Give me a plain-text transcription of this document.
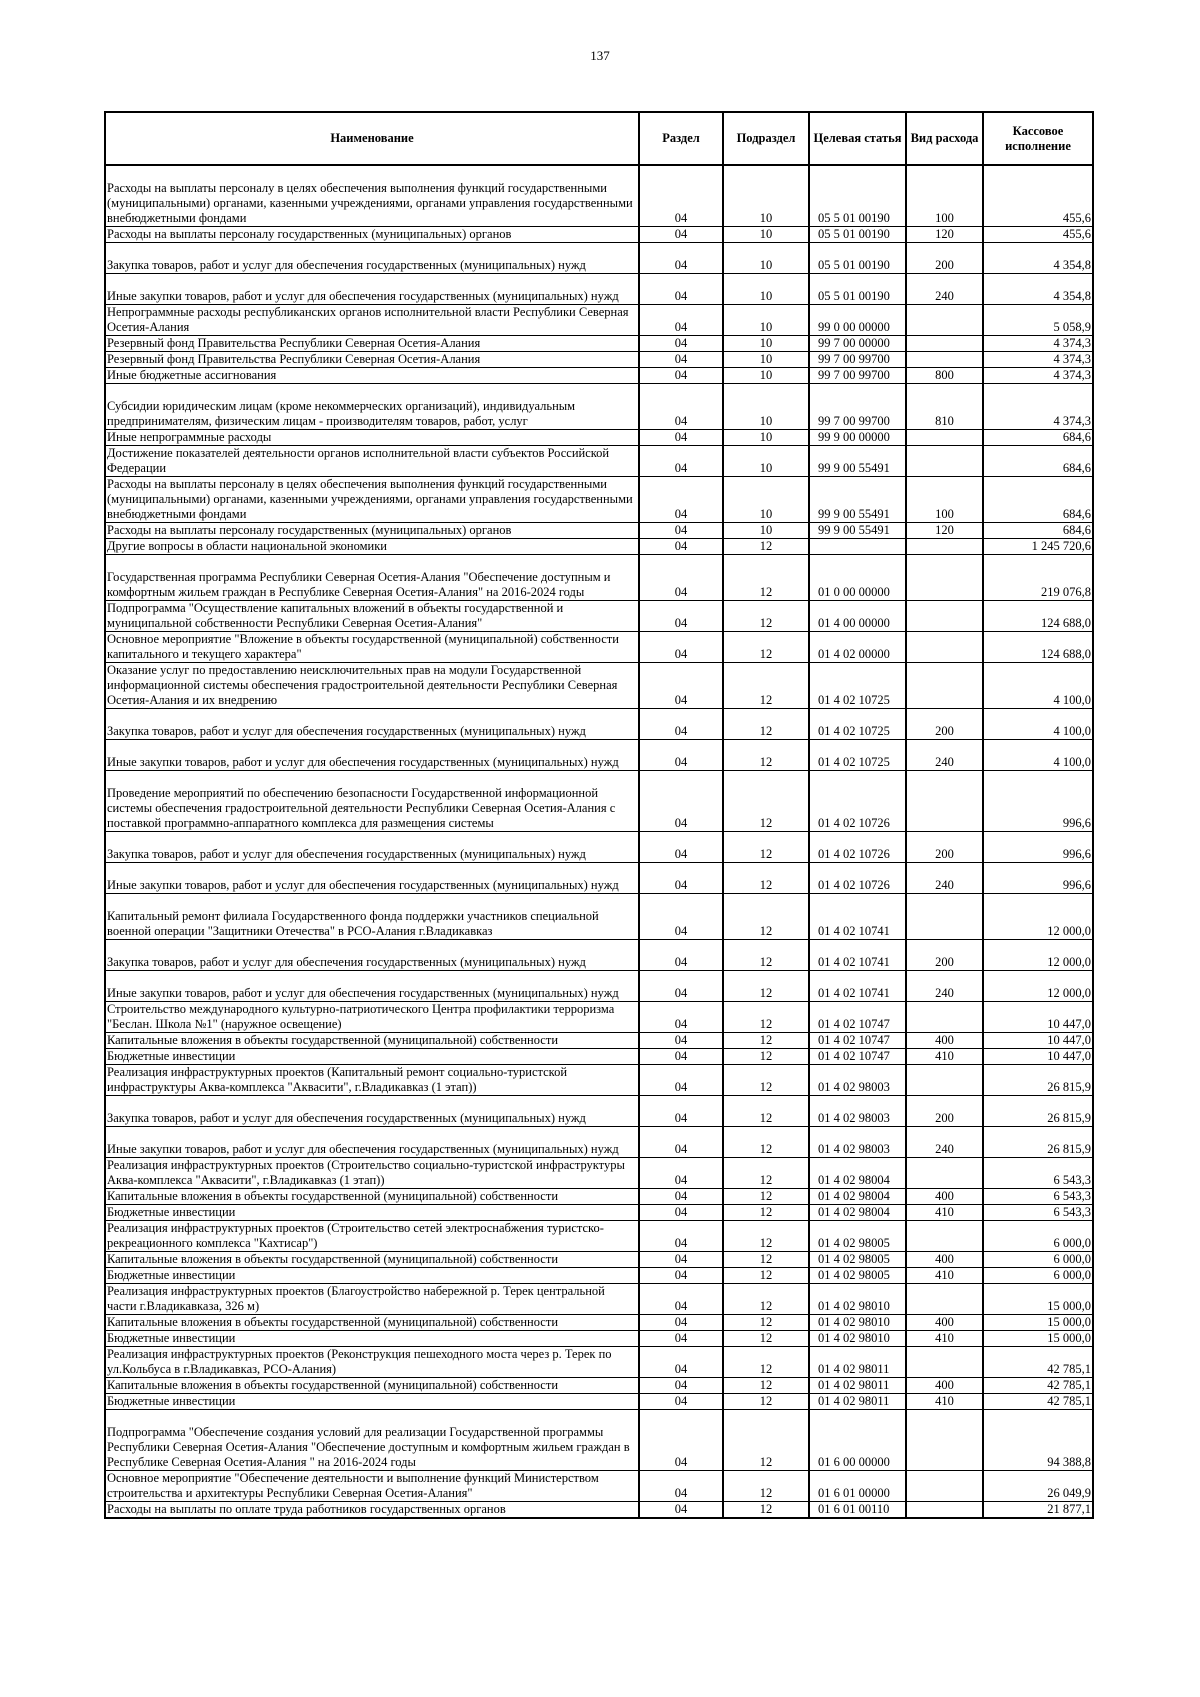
137
Наименование	Раздел	Подраздел	Целевая статья	Вид расхода	Кассовое исполнение
Расходы на выплаты персоналу в целях обеспечения выполнения функций государственными (муниципальными) органами, казенными учреждениями, органами управления государственными внебюджетными фондами	04	10	05 5 01 00190	100	455,6
Расходы на выплаты персоналу государственных (муниципальных) органов	04	10	05 5 01 00190	120	455,6
Закупка товаров, работ и услуг для обеспечения государственных (муниципальных) нужд	04	10	05 5 01 00190	200	4 354,8
Иные закупки товаров, работ и услуг для обеспечения государственных (муниципальных) нужд	04	10	05 5 01 00190	240	4 354,8
Непрограммные расходы республиканских органов исполнительной власти Республики Северная Осетия-Алания	04	10	99 0 00 00000		5 058,9
Резервный фонд Правительства Республики Северная Осетия-Алания	04	10	99 7 00 00000		4 374,3
Резервный фонд Правительства Республики Северная Осетия-Алания	04	10	99 7 00 99700		4 374,3
Иные бюджетные ассигнования	04	10	99 7 00 99700	800	4 374,3
Субсидии юридическим лицам (кроме некоммерческих организаций), индивидуальным предпринимателям, физическим лицам - производителям товаров, работ, услуг	04	10	99 7 00 99700	810	4 374,3
Иные непрограммные расходы	04	10	99 9 00 00000		684,6
Достижение показателей деятельности органов исполнительной власти субъектов Российской Федерации	04	10	99 9 00 55491		684,6
Расходы на выплаты персоналу в целях обеспечения выполнения функций государственными (муниципальными) органами, казенными учреждениями, органами управления государственными внебюджетными фондами	04	10	99 9 00 55491	100	684,6
Расходы на выплаты персоналу государственных (муниципальных) органов	04	10	99 9 00 55491	120	684,6
Другие вопросы в области национальной экономики	04	12			1 245 720,6
Государственная программа Республики Северная Осетия-Алания "Обеспечение доступным и комфортным жильем граждан в Республике Северная Осетия-Алания" на 2016-2024 годы	04	12	01 0 00 00000		219 076,8
Подпрограмма "Осуществление капитальных вложений в объекты государственной и муниципальной собственности Республики Северная Осетия-Алания"	04	12	01 4 00 00000		124 688,0
Основное мероприятие "Вложение в объекты государственной (муниципальной) собственности капитального и текущего характера"	04	12	01 4 02 00000		124 688,0
Оказание услуг по предоставлению неисключительных прав на модули Государственной информационной системы обеспечения градостроительной деятельности Республики Северная Осетия-Алания и их внедрению	04	12	01 4 02 10725		4 100,0
Закупка товаров, работ и услуг для обеспечения государственных (муниципальных) нужд	04	12	01 4 02 10725	200	4 100,0
Иные закупки товаров, работ и услуг для обеспечения государственных (муниципальных) нужд	04	12	01 4 02 10725	240	4 100,0
Проведение мероприятий по обеспечению безопасности Государственной информационной системы обеспечения градостроительной деятельности Республики Северная Осетия-Алания с поставкой программно-аппаратного комплекса для размещения системы	04	12	01 4 02 10726		996,6
Закупка товаров, работ и услуг для обеспечения государственных (муниципальных) нужд	04	12	01 4 02 10726	200	996,6
Иные закупки товаров, работ и услуг для обеспечения государственных (муниципальных) нужд	04	12	01 4 02 10726	240	996,6
Капитальный ремонт филиала Государственного фонда поддержки участников специальной военной операции "Защитники Отечества" в РСО-Алания г.Владикавказ	04	12	01 4 02 10741		12 000,0
Закупка товаров, работ и услуг для обеспечения государственных (муниципальных) нужд	04	12	01 4 02 10741	200	12 000,0
Иные закупки товаров, работ и услуг для обеспечения государственных (муниципальных) нужд	04	12	01 4 02 10741	240	12 000,0
Строительство международного культурно-патриотического Центра профилактики терроризма "Беслан. Школа №1" (наружное освещение)	04	12	01 4 02 10747		10 447,0
Капитальные вложения в объекты государственной (муниципальной) собственности	04	12	01 4 02 10747	400	10 447,0
Бюджетные инвестиции	04	12	01 4 02 10747	410	10 447,0
Реализация инфраструктурных проектов (Капитальный ремонт социально-туристской инфраструктуры Аква-комплекса "Аквасити", г.Владикавказ (1 этап))	04	12	01 4 02 98003		26 815,9
Закупка товаров, работ и услуг для обеспечения государственных (муниципальных) нужд	04	12	01 4 02 98003	200	26 815,9
Иные закупки товаров, работ и услуг для обеспечения государственных (муниципальных) нужд	04	12	01 4 02 98003	240	26 815,9
Реализация инфраструктурных проектов (Строительство социально-туристской инфраструктуры Аква-комплекса "Аквасити", г.Владикавказ (1 этап))	04	12	01 4 02 98004		6 543,3
Капитальные вложения в объекты государственной (муниципальной) собственности	04	12	01 4 02 98004	400	6 543,3
Бюджетные инвестиции	04	12	01 4 02 98004	410	6 543,3
Реализация инфраструктурных проектов (Строительство сетей электроснабжения туристско-рекреационного комплекса "Кахтисар")	04	12	01 4 02 98005		6 000,0
Капитальные вложения в объекты государственной (муниципальной) собственности	04	12	01 4 02 98005	400	6 000,0
Бюджетные инвестиции	04	12	01 4 02 98005	410	6 000,0
Реализация инфраструктурных проектов (Благоустройство набережной р. Терек центральной части г.Владикавказа, 326 м)	04	12	01 4 02 98010		15 000,0
Капитальные вложения в объекты государственной (муниципальной) собственности	04	12	01 4 02 98010	400	15 000,0
Бюджетные инвестиции	04	12	01 4 02 98010	410	15 000,0
Реализация инфраструктурных проектов (Реконструкция пешеходного моста через р. Терек по ул.Кольбуса в г.Владикавказ, РСО-Алания)	04	12	01 4 02 98011		42 785,1
Капитальные вложения в объекты государственной (муниципальной) собственности	04	12	01 4 02 98011	400	42 785,1
Бюджетные инвестиции	04	12	01 4 02 98011	410	42 785,1
Подпрограмма "Обеспечение создания условий для реализации Государственной программы Республики Северная Осетия-Алания "Обеспечение доступным и комфортным жильем граждан в Республике Северная Осетия-Алания " на 2016-2024 годы	04	12	01 6 00 00000		94 388,8
Основное мероприятие "Обеспечение деятельности и выполнение функций Министерством строительства и архитектуры Республики Северная Осетия-Алания"	04	12	01 6 01 00000		26 049,9
Расходы на выплаты по оплате труда работников государственных органов	04	12	01 6 01 00110		21 877,1
